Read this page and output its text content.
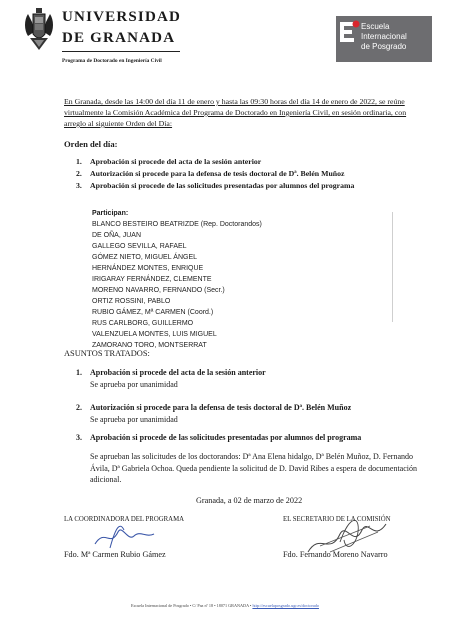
UNIVERSIDAD
DE GRANADA
Programa de Doctorado en Ingeniería Civil
Escuela
Internacional
de Posgrado
En Granada, desde las 14:00 del día 11 de enero y hasta las 09:30 horas del día 14 de enero de 2022, se reúne virtualmente la Comisión Académica del Programa de Doctorado en Ingeniería Civil, en sesión ordinaria, con arreglo al siguiente Orden del Día:
Orden del día:
1. Aprobación si procede del acta de la sesión anterior
2. Autorización si procede para la defensa de tesis doctoral de Dª. Belén Muñoz
3. Aprobación si procede de las solicitudes presentadas por alumnos del programa
Participan:
BLANCO BESTEIRO BEATRIZDE (Rep. Doctorandos)
DE OÑA, JUAN
GALLEGO SEVILLA, RAFAEL
GÓMEZ NIETO, MIGUEL ÁNGEL
HERNÁNDEZ MONTES, ENRIQUE
IRIGARAY FERNÁNDEZ, CLEMENTE
MORENO NAVARRO, FERNANDO (Secr.)
ORTIZ ROSSINI, PABLO
RUBIO GÁMEZ, Mª CARMEN (Coord.)
RUS CARLBORG, GUILLERMO
VALENZUELA MONTES, LUIS MIGUEL
ZAMORANO TORO, MONTSERRAT
ASUNTOS TRATADOS:
1. Aprobación si procede del acta de la sesión anterior
Se aprueba por unanimidad
2. Autorización si procede para la defensa de tesis doctoral de Dª. Belén Muñoz
Se aprueba por unanimidad
3. Aprobación si procede de las solicitudes presentadas por alumnos del programa
Se aprueban las solicitudes de los doctorandos: Dª Ana Elena hidalgo, Dª Belén Muñoz, D. Fernando Ávila, Dª Gabriela Ochoa. Queda pendiente la solicitud de D. David Ribes a espera de documentación adicional.
Granada, a 02 de marzo de 2022
LA COORDINADORA DEL PROGRAMA	EL SECRETARIO DE LA COMISIÓN
Fdo. Mª Carmen Rubio Gámez	Fdo. Fernando Moreno Navarro
Escuela Internacional de Posgrado • C/ Paz nº 18 • 18071 GRANADA • http://escuelaposgrado.ugr.es/doctorado
